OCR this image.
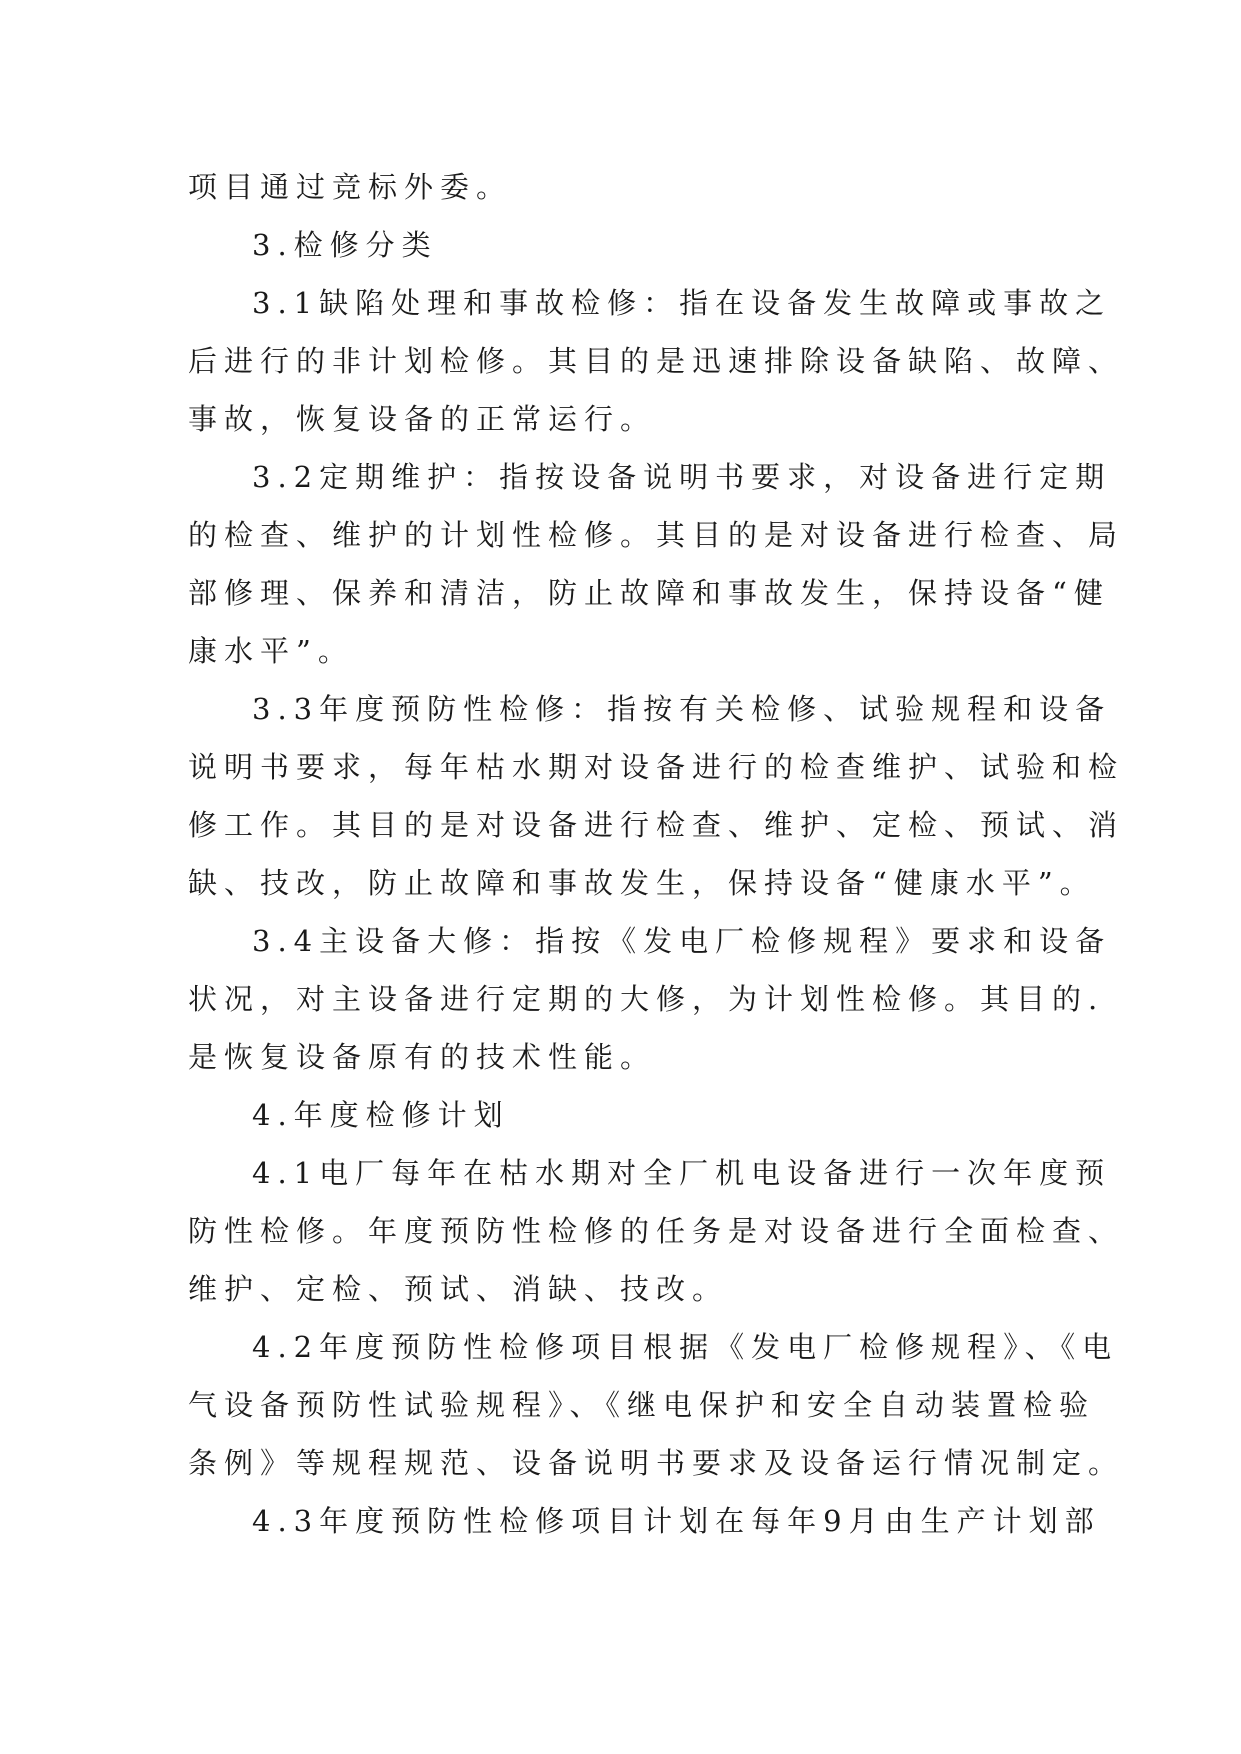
项目通过竞标外委。
3.检修分类
3.1缺陷处理和事故检修：指在设备发生故障或事故之
后进行的非计划检修。其目的是迅速排除设备缺陷、故障、
事故，恢复设备的正常运行。
3.2定期维护：指按设备说明书要求，对设备进行定期
的检查、维护的计划性检修。其目的是对设备进行检查、局
部修理、保养和清洁，防止故障和事故发生，保持设备“健
康水平”。
3.3年度预防性检修：指按有关检修、试验规程和设备
说明书要求，每年枯水期对设备进行的检查维护、试验和检
修工作。其目的是对设备进行检查、维护、定检、预试、消
缺、技改，防止故障和事故发生，保持设备“健康水平”。
3.4主设备大修：指按《发电厂检修规程》要求和设备
状况，对主设备进行定期的大修，为计划性检修。其目的.
是恢复设备原有的技术性能。
4.年度检修计划
4.1电厂每年在枯水期对全厂机电设备进行一次年度预
防性检修。年度预防性检修的任务是对设备进行全面检查、
维护、定检、预试、消缺、技改。
4.2年度预防性检修项目根据《发电厂检修规程》、《电
气设备预防性试验规程》、《继电保护和安全自动装置检验
条例》等规程规范、设备说明书要求及设备运行情况制定。
4.3年度预防性检修项目计划在每年9月由生产计划部
